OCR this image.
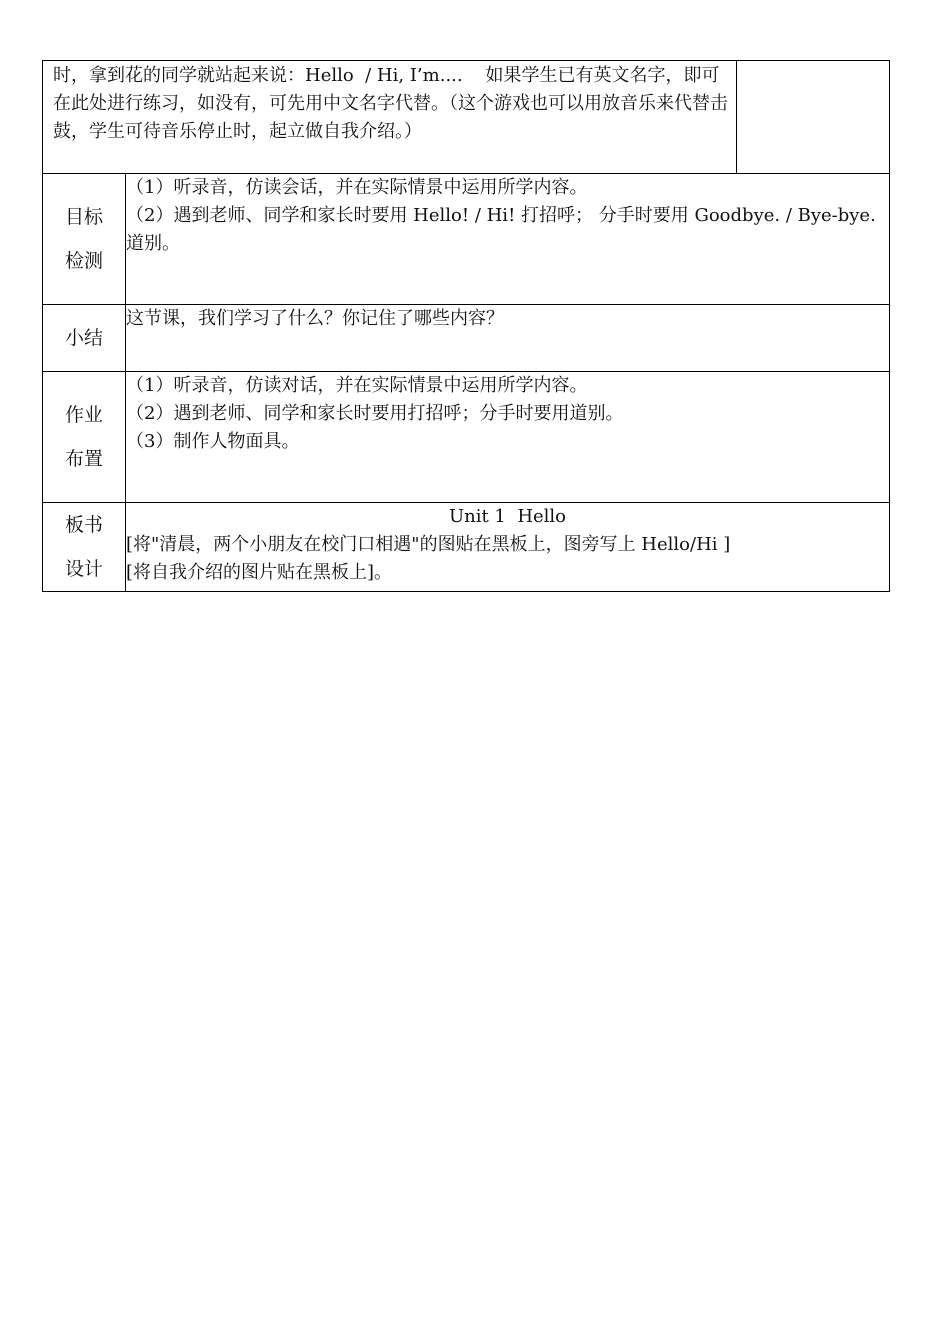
时，拿到花的同学就站起来说：Hello  / Hi, I’m....    如果学生已有英文名字，即可在此处进行练习，如没有，可先用中文名字代替。（这个游戏也可以用放音乐来代替击鼓，学生可待音乐停止时，起立做自我介绍。）		

目标检测	（1）听录音，仿读会话，并在实际情景中运用所学内容。
（2）遇到老师、同学和家长时要用 Hello! / Hi! 打招呼； 分手时要用 Goodbye. / Bye-bye. 道别。	

小结	这节课，我们学习了什么？你记住了哪些内容？	

作业布置	（1）听录音，仿读对话，并在实际情景中运用所学内容。
（2）遇到老师、同学和家长时要用打招呼；分手时要用道别。
（3）制作人物面具。	

板书设计	Unit 1  Hello
[将"清晨，两个小朋友在校门口相遇"的图贴在黑板上，图旁写上 Hello/Hi ]
[将自我介绍的图片贴在黑板上]。	
